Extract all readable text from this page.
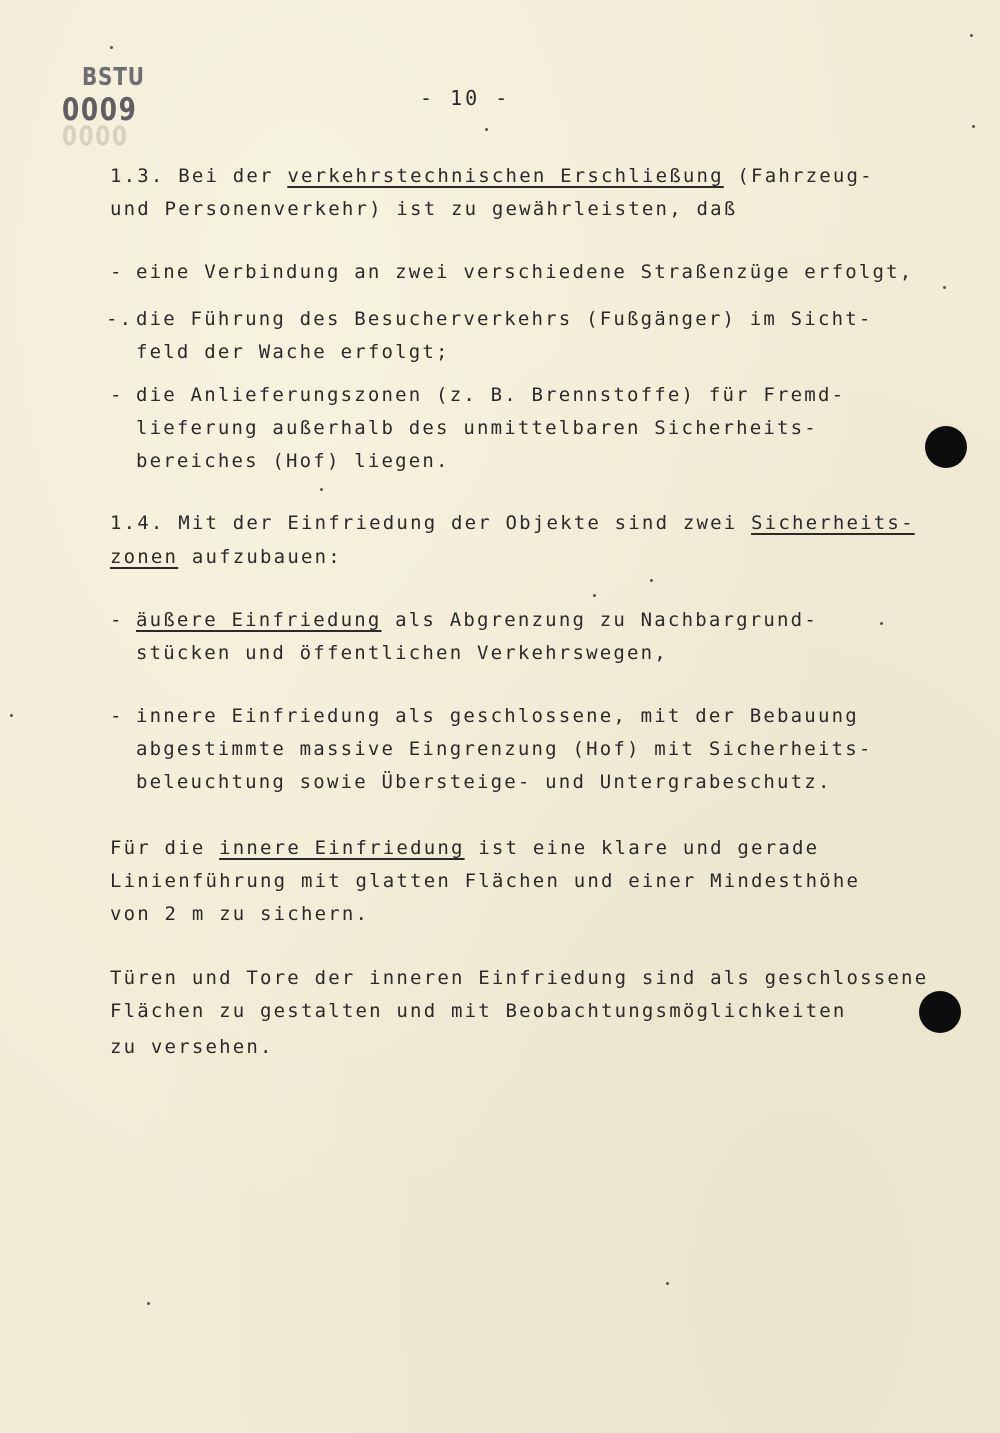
BSTU
0009
0000
- 10 -
1.3. Bei der verkehrstechnischen Erschließung (Fahrzeug-
und Personenverkehr) ist zu gewährleisten, daß
- eine Verbindung an zwei verschiedene Straßenzüge erfolgt,
-. die Führung des Besucherverkehrs (Fußgänger) im Sicht-
feld der Wache erfolgt;
- die Anlieferungszonen (z. B. Brennstoffe) für Fremd-
lieferung außerhalb des unmittelbaren Sicherheits-
bereiches (Hof) liegen.
1.4. Mit der Einfriedung der Objekte sind zwei Sicherheits-
zonen aufzubauen:
- äußere Einfriedung als Abgrenzung zu Nachbargrund-
stücken und öffentlichen Verkehrswegen,
- innere Einfriedung als geschlossene, mit der Bebauung
abgestimmte massive Eingrenzung (Hof) mit Sicherheits-
beleuchtung sowie Übersteige- und Untergrabeschutz.
Für die innere Einfriedung ist eine klare und gerade
Linienführung mit glatten Flächen und einer Mindesthöhe
von 2 m zu sichern.
Türen und Tore der inneren Einfriedung sind als geschlossene
Flächen zu gestalten und mit Beobachtungsmöglichkeiten
zu versehen.
